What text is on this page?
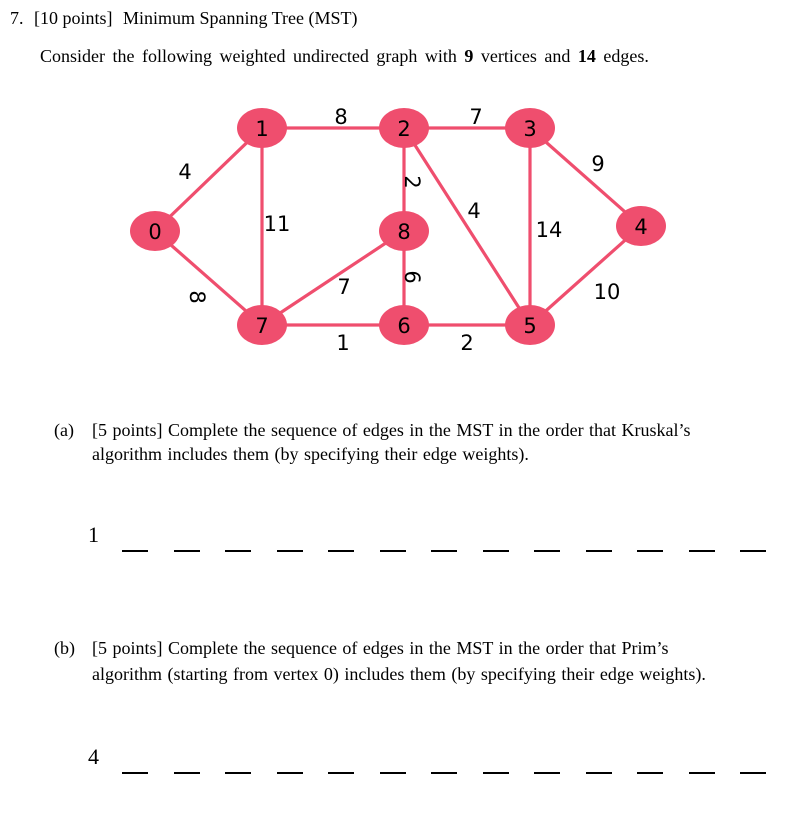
7. [10 points] Minimum Spanning Tree (MST)
Consider the following weighted undirected graph with 9 vertices and 14 edges.
0
1	2	3
4
5
6
7
8
4
8	7
9
11
2
4
14
8	7 6
10
1	2
(a) [5 points] Complete the sequence of edges in the MST in the order that Kruskal’s
algorithm includes them (by specifying their edge weights).
1
(b) [5 points] Complete the sequence of edges in the MST in the order that Prim’s
algorithm (starting from vertex 0) includes them (by specifying their edge weights).
4
